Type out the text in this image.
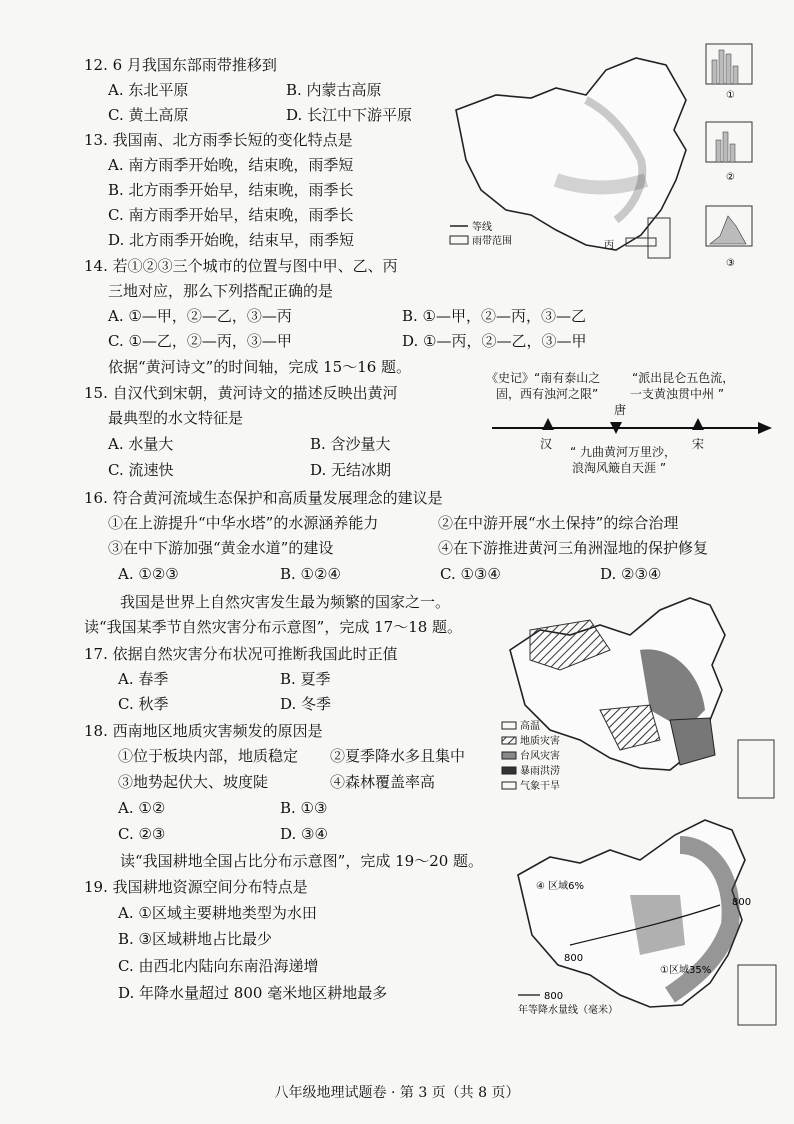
12. 6 月我国东部雨带推移到
A. 东北平原	B. 内蒙古高原
C. 黄土高原	D. 长江中下游平原
13. 我国南、北方雨季长短的变化特点是
A. 南方雨季开始晚，结束晚，雨季短
B. 北方雨季开始早，结束晚，雨季长
C. 南方雨季开始早，结束晚，雨季长
D. 北方雨季开始晚，结束早，雨季短
14. 若①②③三个城市的位置与图中甲、乙、丙
三地对应，那么下列搭配正确的是
A. ①—甲，②—乙，③—丙	B. ①—甲，②—丙，③—乙
C. ①—乙，②—丙，③—甲	D. ①—丙，②—乙，③—甲
依据“黄河诗文”的时间轴，完成 15～16 题。
15. 自汉代到宋朝，黄河诗文的描述反映出黄河
最典型的水文特征是
A. 水量大	B. 含沙量大
C. 流速快	D. 无结冰期
16. 符合黄河流域生态保护和高质量发展理念的建议是
①在上游提升“中华水塔”的水源涵养能力	②在中游开展“水土保持”的综合治理
③在中下游加强“黄金水道”的建设	④在下游推进黄河三角洲湿地的保护修复
A. ①②③	B. ①②④	C. ①③④	D. ②③④
我国是世界上自然灾害发生最为频繁的国家之一。
读“我国某季节自然灾害分布示意图”，完成 17～18 题。
17. 依据自然灾害分布状况可推断我国此时正值
A. 春季	B. 夏季
C. 秋季	D. 冬季
18. 西南地区地质灾害频发的原因是
①位于板块内部，地质稳定 ②夏季降水多且集中
③地势起伏大、坡度陡	④森林覆盖率高
A. ①②	B. ①③
C. ②③	D. ③④
读“我国耕地全国占比分布示意图”，完成 19～20 题。
19. 我国耕地资源空间分布特点是
A. ①区域主要耕地类型为水田
B. ③区域耕地占比最少
C. 由西北内陆向东南沿海递增
D. 年降水量超过 800 毫米地区耕地最多
①
②
③
等线
雨带范围	丙
《史记》“南有泰山之
固，西有浊河之限”
“派出昆仑五色流，
一支黄浊贯中州 ”
唐
汉	宋
“ 九曲黄河万里沙，
浪淘风簸自天涯 ”
高温
地质灾害
台风灾害
暴雨洪涝
气象干旱
④ 区域6%
①区域35%
800
800
800
年等降水量线（毫米）
八年级地理试题卷 · 第 3 页（共 8 页）
